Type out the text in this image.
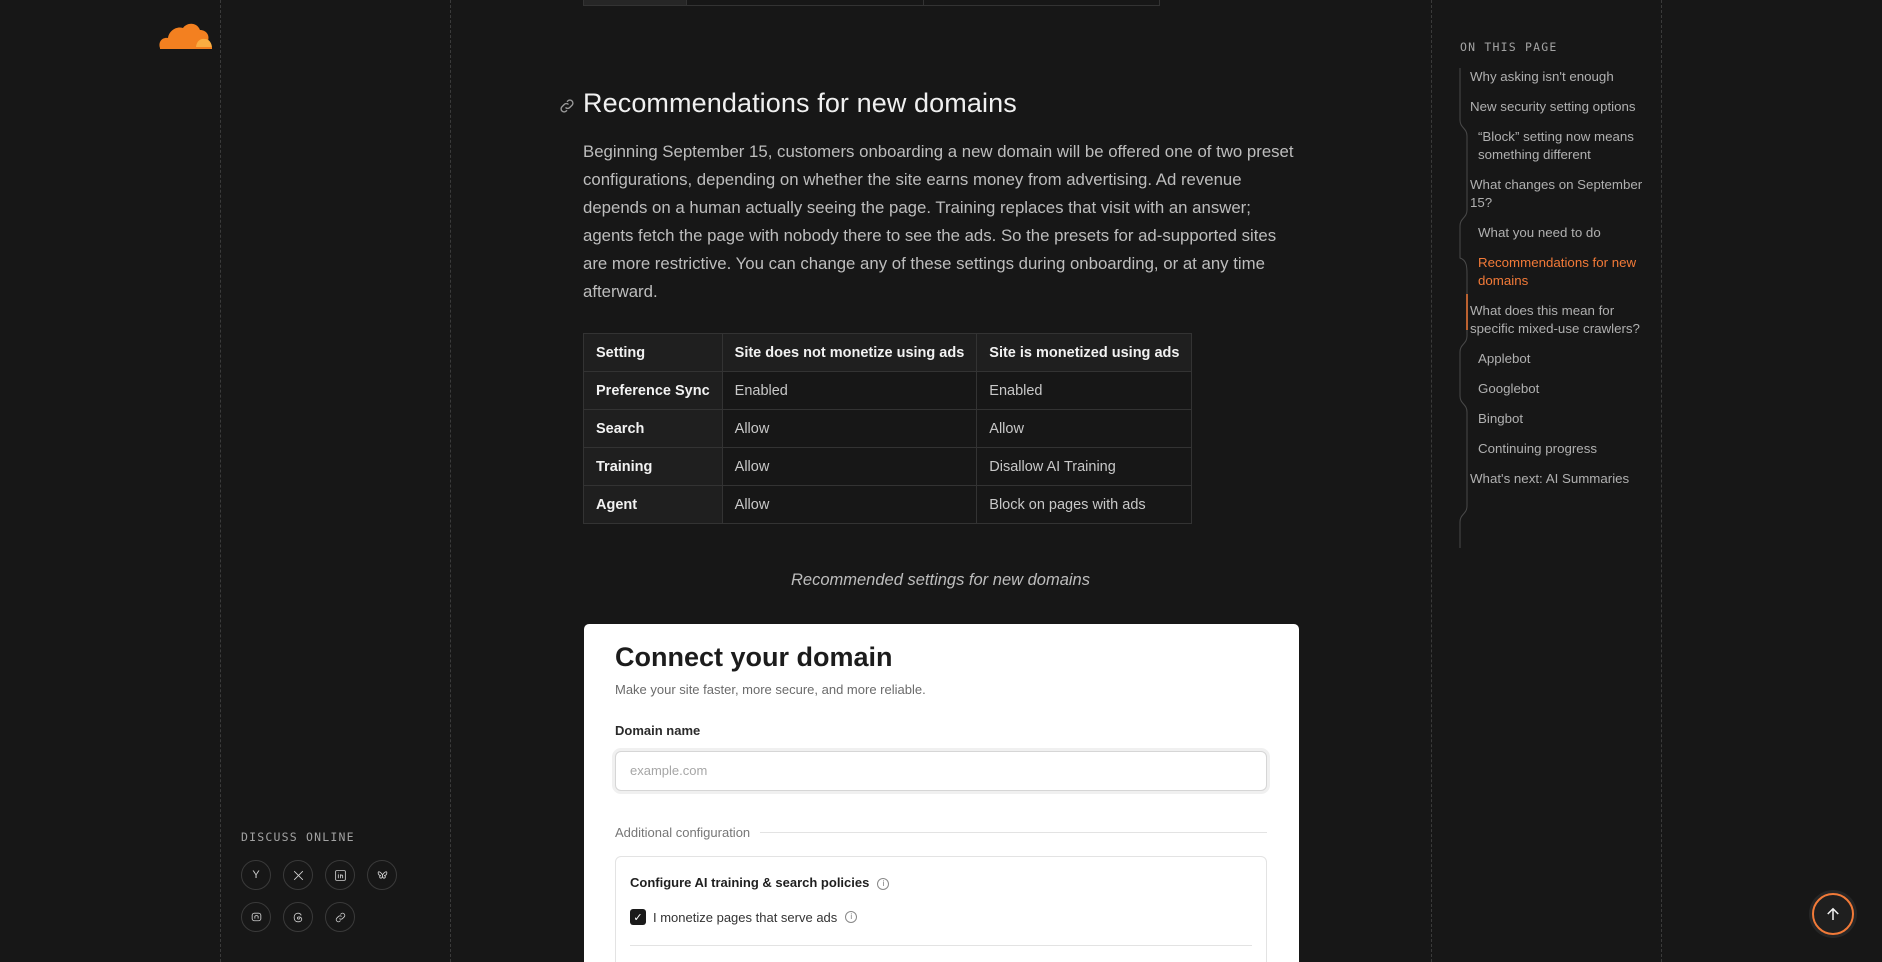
Recommendations for new domains

Beginning September 15, customers onboarding a new domain will be offered one of two preset configurations, depending on whether the site earns money from advertising. Ad revenue depends on a human actually seeing the page. Training replaces that visit with an answer; agents fetch the page with nobody there to see the ads. So the presets for ad-supported sites are more restrictive. You can change any of these settings during onboarding, or at any time afterward.

Setting	Site does not monetize using ads	Site is monetized using ads
Preference Sync	Enabled	Enabled
Search	Allow	Allow
Training	Allow	Disallow AI Training
Agent	Allow	Block on pages with ads
Recommended settings for new domains
Connect your domain
Make your site faster, more secure, and more reliable.
Domain name
example.com
Additional configuration
Configure AI training & search policies i
✓ I monetize pages that serve ads	i
DISCUSS ONLINE
Y
ON THIS PAGE
Why asking isn't enough
New security setting options
“Block” setting now means something different
What changes on September 15?
What you need to do
Recommendations for new domains
What does this mean for specific mixed-use crawlers?
Applebot
Googlebot
Bingbot
Continuing progress
What's next: AI Summaries
